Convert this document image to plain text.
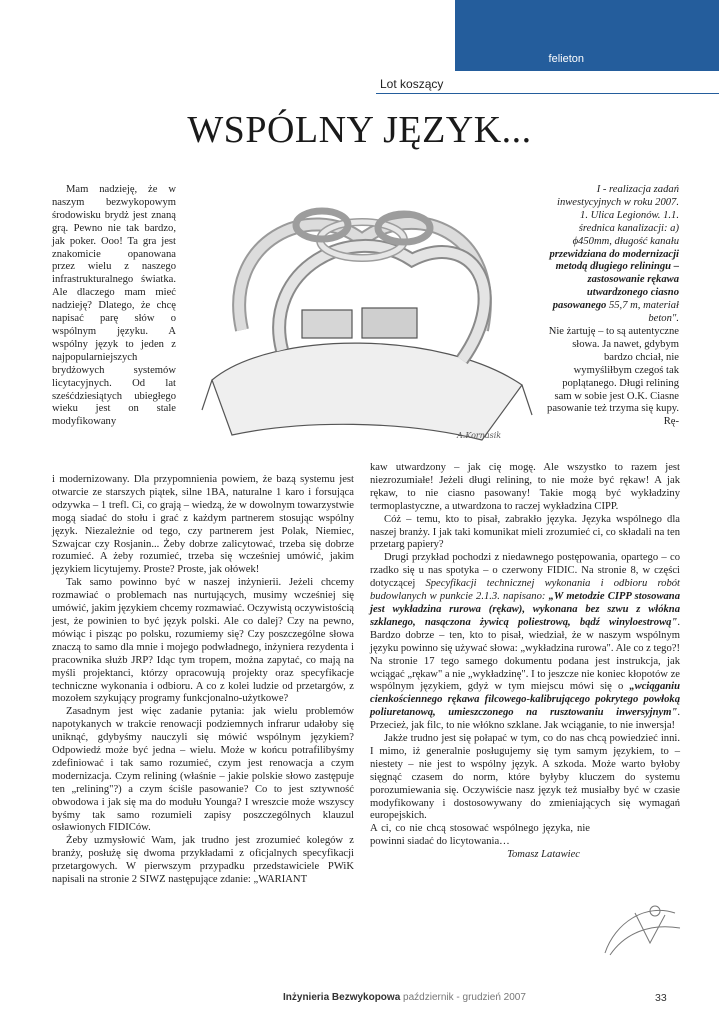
felieton
Lot koszący
WSPÓLNY JĘZYK...

Mam nadzieję, że w naszym bezwykopowym środowisku brydż jest znaną grą. Pewno nie tak bardzo, jak poker. Ooo! Ta gra jest znakomicie opanowana przez wielu z naszego infrastrukturalnego światka. Ale dlaczego mam mieć nadzieję? Dlatego, że chcę napisać parę słów o wspólnym języku. A wspólny język to jeden z najpopularniejszych brydżowych systemów licytacyjnych. Od lat sześćdziesiątych ubiegłego wieku jest on stale modyfikowany

A.Kornasik

I - realizacja zadań inwestycyjnych w roku 2007. 1. Ulica Legionów. 1.1. średnica kanalizacji: a) ϕ450mm, długość kanału przewidziana do modernizacji metodą długiego reliningu – zastosowanie rękawa utwardzonego ciasno pasowanego 55,7 m, materiał beton".

Nie żartuję – to są autentyczne słowa. Ja nawet, gdybym bardzo chciał, nie wymyśliłbym czegoś tak poplątanego. Długi relining sam w sobie jest O.K. Ciasne pasowanie też trzyma się kupy. Rę-

i modernizowany. Dla przypomnienia powiem, że bazą systemu jest otwarcie ze starszych piątek, silne 1BA, naturalne 1 karo i forsująca odzywka – 1 trefl. Ci, co grają – wiedzą, że w dowolnym towarzystwie mogą siadać do stołu i grać z każdym partnerem stosując wspólny język. Niezależnie od tego, czy partnerem jest Polak, Niemiec, Szwajcar czy Rosjanin... Żeby dobrze zalicytować, trzeba się dobrze rozumieć. A żeby rozumieć, trzeba się wcześniej umówić, jakim językiem licytujemy. Proste? Proste, jak ołówek!

Tak samo powinno być w naszej inżynierii. Jeżeli chcemy rozmawiać o problemach nas nurtujących, musimy wcześniej się umówić, jakim językiem chcemy rozmawiać. Oczywistą oczywistością jest, że powinien to być język polski. Ale co dalej? Czy na pewno, mówiąc i pisząc po polsku, rozumiemy się? Czy poszczególne słowa znaczą to samo dla mnie i mojego podwładnego, inżyniera rezydenta i pracownika służb JRP? Idąc tym tropem, można zapytać, co mają na myśli projektanci, którzy opracowują projekty oraz specyfikacje techniczne wykonania i odbioru. A co z kolei ludzie od przetargów, z mozołem szykujący programy funkcjonalno-użytkowe?

Zasadnym jest więc zadanie pytania: jak wielu problemów napotykanych w trakcie renowacji podziemnych infrarur udałoby się uniknąć, gdybyśmy nauczyli się mówić wspólnym językiem? Odpowiedź może być jedna – wielu. Może w końcu potrafilibyśmy zdefiniować i tak samo rozumieć, czym jest renowacja a czym modernizacja. Czym relining (właśnie – jakie polskie słowo zastępuje ten „relining"?) a czym ściśle pasowanie? Co to jest sztywność obwodowa i jak się ma do modułu Younga? I wreszcie może wszyscy byśmy tak samo rozumieli zapisy poszczególnych klauzul osławionych FIDICów.

Żeby uzmysłowić Wam, jak trudno jest zrozumieć kolegów z branży, posłużę się dwoma przykładami z oficjalnych specyfikacji przetargowych. W pierwszym przypadku przedstawiciele PWiK napisali na stronie 2 SIWZ następujące zdanie: „WARIANT

kaw utwardzony – jak cię mogę. Ale wszystko to razem jest niezrozumiałe! Jeżeli długi relining, to nie może być rękaw! A jak rękaw, to nie ciasno pasowany! Takie mogą być wykładziny termoplastyczne, a utwardzona to raczej wykładzina CIPP.

Cóż – temu, kto to pisał, zabrakło języka. Języka wspólnego dla naszej branży. I jak taki komunikat mieli zrozumieć ci, co składali na ten przetarg papiery?

Drugi przykład pochodzi z niedawnego postępowania, opartego – co rzadko się u nas spotyka – o czerwony FIDIC. Na stronie 8, w części dotyczącej Specyfikacji technicznej wykonania i odbioru robót budowlanych w punkcie 2.1.3. napisano: „W metodzie CIPP stosowana jest wykładzina rurowa (rękaw), wykonana bez szwu z włókna szklanego, nasączona żywicą poliestrową, bądź winyloestrową". Bardzo dobrze – ten, kto to pisał, wiedział, że w naszym wspólnym języku powinno się używać słowa: „wykładzina rurowa". Ale co z tego?! Na stronie 17 tego samego dokumentu podana jest instrukcja, jak wciągać „rękaw" a nie „wykładzinę". I to jeszcze nie koniec kłopotów ze wspólnym językiem, gdyż w tym miejscu mówi się o „wciąganiu cienkościennego rękawa filcowego-kalibrującego pokrytego powłoką poliuretanową, umieszczonego na rusztowaniu inwersyjnym". Przecież, jak filc, to nie włókno szklane. Jak wciąganie, to nie inwersja!

Jakże trudno jest się połapać w tym, co do nas chcą powiedzieć inni. I mimo, iż generalnie posługujemy się tym samym językiem, to – niestety – nie jest to wspólny język. A szkoda. Może warto byłoby sięgnąć czasem do norm, które byłyby kluczem do systemu porozumiewania się. Oczywiście nasz język też musiałby być w czasie modyfikowany i dostosowywany do zmieniających się wymagań europejskich.

A ci, co nie chcą stosować wspólnego języka, nie powinni siadać do licytowania…

Tomasz Latawiec

Inżynieria Bezwykopowa październik - grudzień 2007	33
